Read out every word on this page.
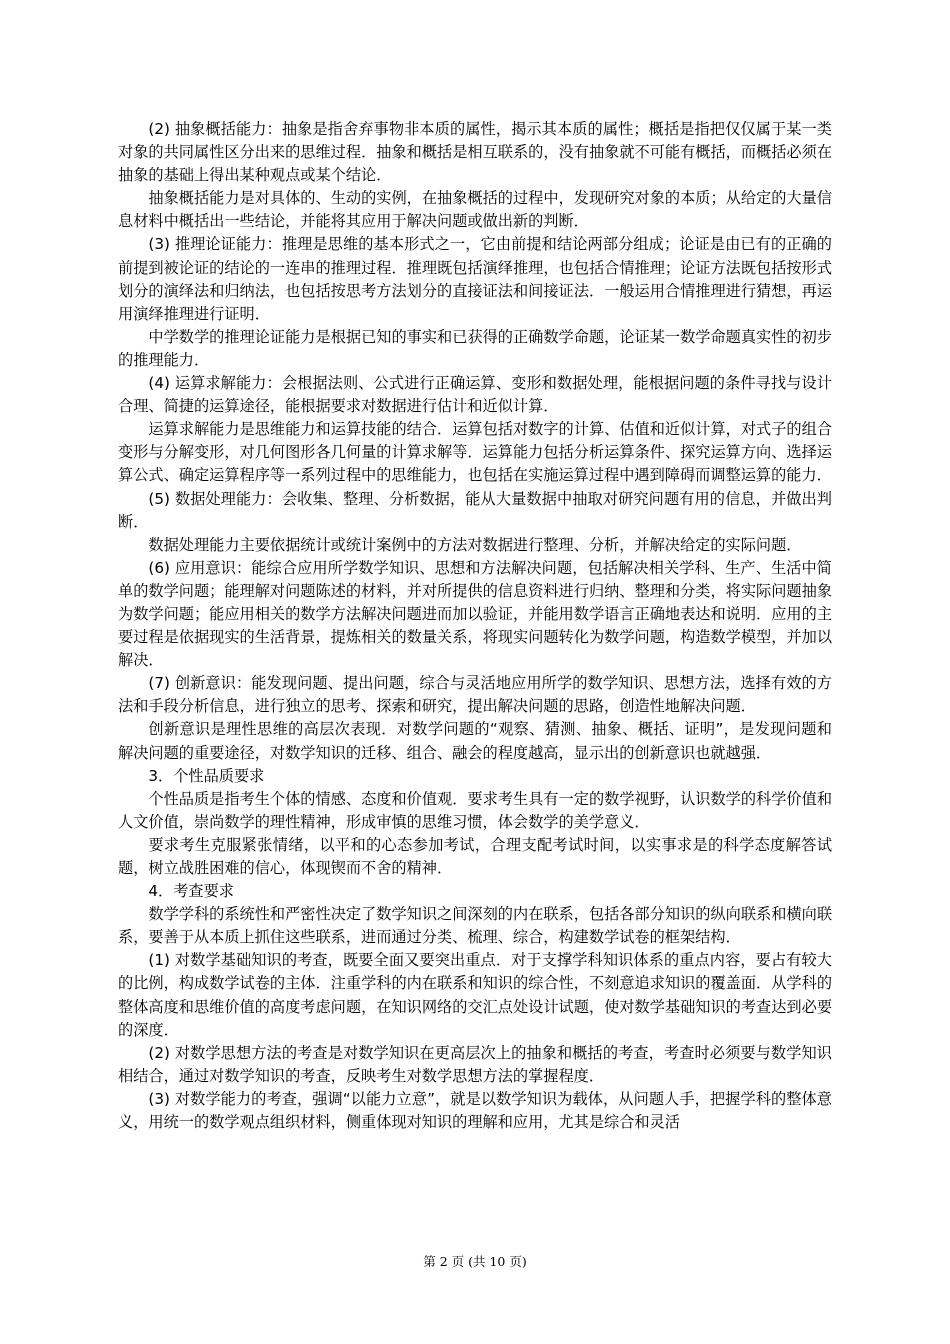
(2) 抽象概括能力：抽象是指舍弃事物非本质的属性，揭示其本质的属性；概括是指把仅仅属于某一类对象的共同属性区分出来的思维过程．抽象和概括是相互联系的，没有抽象就不可能有概括，而概括必须在抽象的基础上得出某种观点或某个结论．

抽象概括能力是对具体的、生动的实例，在抽象概括的过程中，发现研究对象的本质；从给定的大量信息材料中概括出一些结论，并能将其应用于解决问题或做出新的判断．

(3) 推理论证能力：推理是思维的基本形式之一，它由前提和结论两部分组成；论证是由已有的正确的前提到被论证的结论的一连串的推理过程．推理既包括演绎推理，也包括合情推理；论证方法既包括按形式划分的演绎法和归纳法，也包括按思考方法划分的直接证法和间接证法．一般运用合情推理进行猜想，再运用演绎推理进行证明．

中学数学的推理论证能力是根据已知的事实和已获得的正确数学命题，论证某一数学命题真实性的初步的推理能力．

(4) 运算求解能力：会根据法则、公式进行正确运算、变形和数据处理，能根据问题的条件寻找与设计合理、简捷的运算途径，能根据要求对数据进行估计和近似计算．

运算求解能力是思维能力和运算技能的结合．运算包括对数字的计算、估值和近似计算，对式子的组合变形与分解变形，对几何图形各几何量的计算求解等．运算能力包括分析运算条件、探究运算方向、选择运算公式、确定运算程序等一系列过程中的思维能力，也包括在实施运算过程中遇到障碍而调整运算的能力．

(5) 数据处理能力：会收集、整理、分析数据，能从大量数据中抽取对研究问题有用的信息，并做出判断．

数据处理能力主要依据统计或统计案例中的方法对数据进行整理、分析，并解决给定的实际问题．

(6) 应用意识：能综合应用所学数学知识、思想和方法解决问题，包括解决相关学科、生产、生活中简单的数学问题；能理解对问题陈述的材料，并对所提供的信息资料进行归纳、整理和分类，将实际问题抽象为数学问题；能应用相关的数学方法解决问题进而加以验证，并能用数学语言正确地表达和说明．应用的主要过程是依据现实的生活背景，提炼相关的数量关系，将现实问题转化为数学问题，构造数学模型，并加以解决．

(7) 创新意识：能发现问题、提出问题，综合与灵活地应用所学的数学知识、思想方法，选择有效的方法和手段分析信息，进行独立的思考、探索和研究，提出解决问题的思路，创造性地解决问题．

创新意识是理性思维的高层次表现．对数学问题的“观察、猜测、抽象、概括、证明”，是发现问题和解决问题的重要途径，对数学知识的迁移、组合、融会的程度越高，显示出的创新意识也就越强．

3．个性品质要求

个性品质是指考生个体的情感、态度和价值观．要求考生具有一定的数学视野，认识数学的科学价值和人文价值，崇尚数学的理性精神，形成审慎的思维习惯，体会数学的美学意义．

要求考生克服紧张情绪，以平和的心态参加考试，合理支配考试时间，以实事求是的科学态度解答试题，树立战胜困难的信心，体现锲而不舍的精神．

4．考查要求

数学学科的系统性和严密性决定了数学知识之间深刻的内在联系，包括各部分知识的纵向联系和横向联系，要善于从本质上抓住这些联系，进而通过分类、梳理、综合，构建数学试卷的框架结构．

(1) 对数学基础知识的考查，既要全面又要突出重点．对于支撑学科知识体系的重点内容，要占有较大的比例，构成数学试卷的主体．注重学科的内在联系和知识的综合性，不刻意追求知识的覆盖面．从学科的整体高度和思维价值的高度考虑问题，在知识网络的交汇点处设计试题，使对数学基础知识的考查达到必要的深度．

(2) 对数学思想方法的考查是对数学知识在更高层次上的抽象和概括的考查，考查时必须要与数学知识相结合，通过对数学知识的考查，反映考生对数学思想方法的掌握程度．

(3) 对数学能力的考查，强调“以能力立意”，就是以数学知识为载体，从问题人手，把握学科的整体意义，用统一的数学观点组织材料，侧重体现对知识的理解和应用，尤其是综合和灵活

第 2 页 (共 10 页)
